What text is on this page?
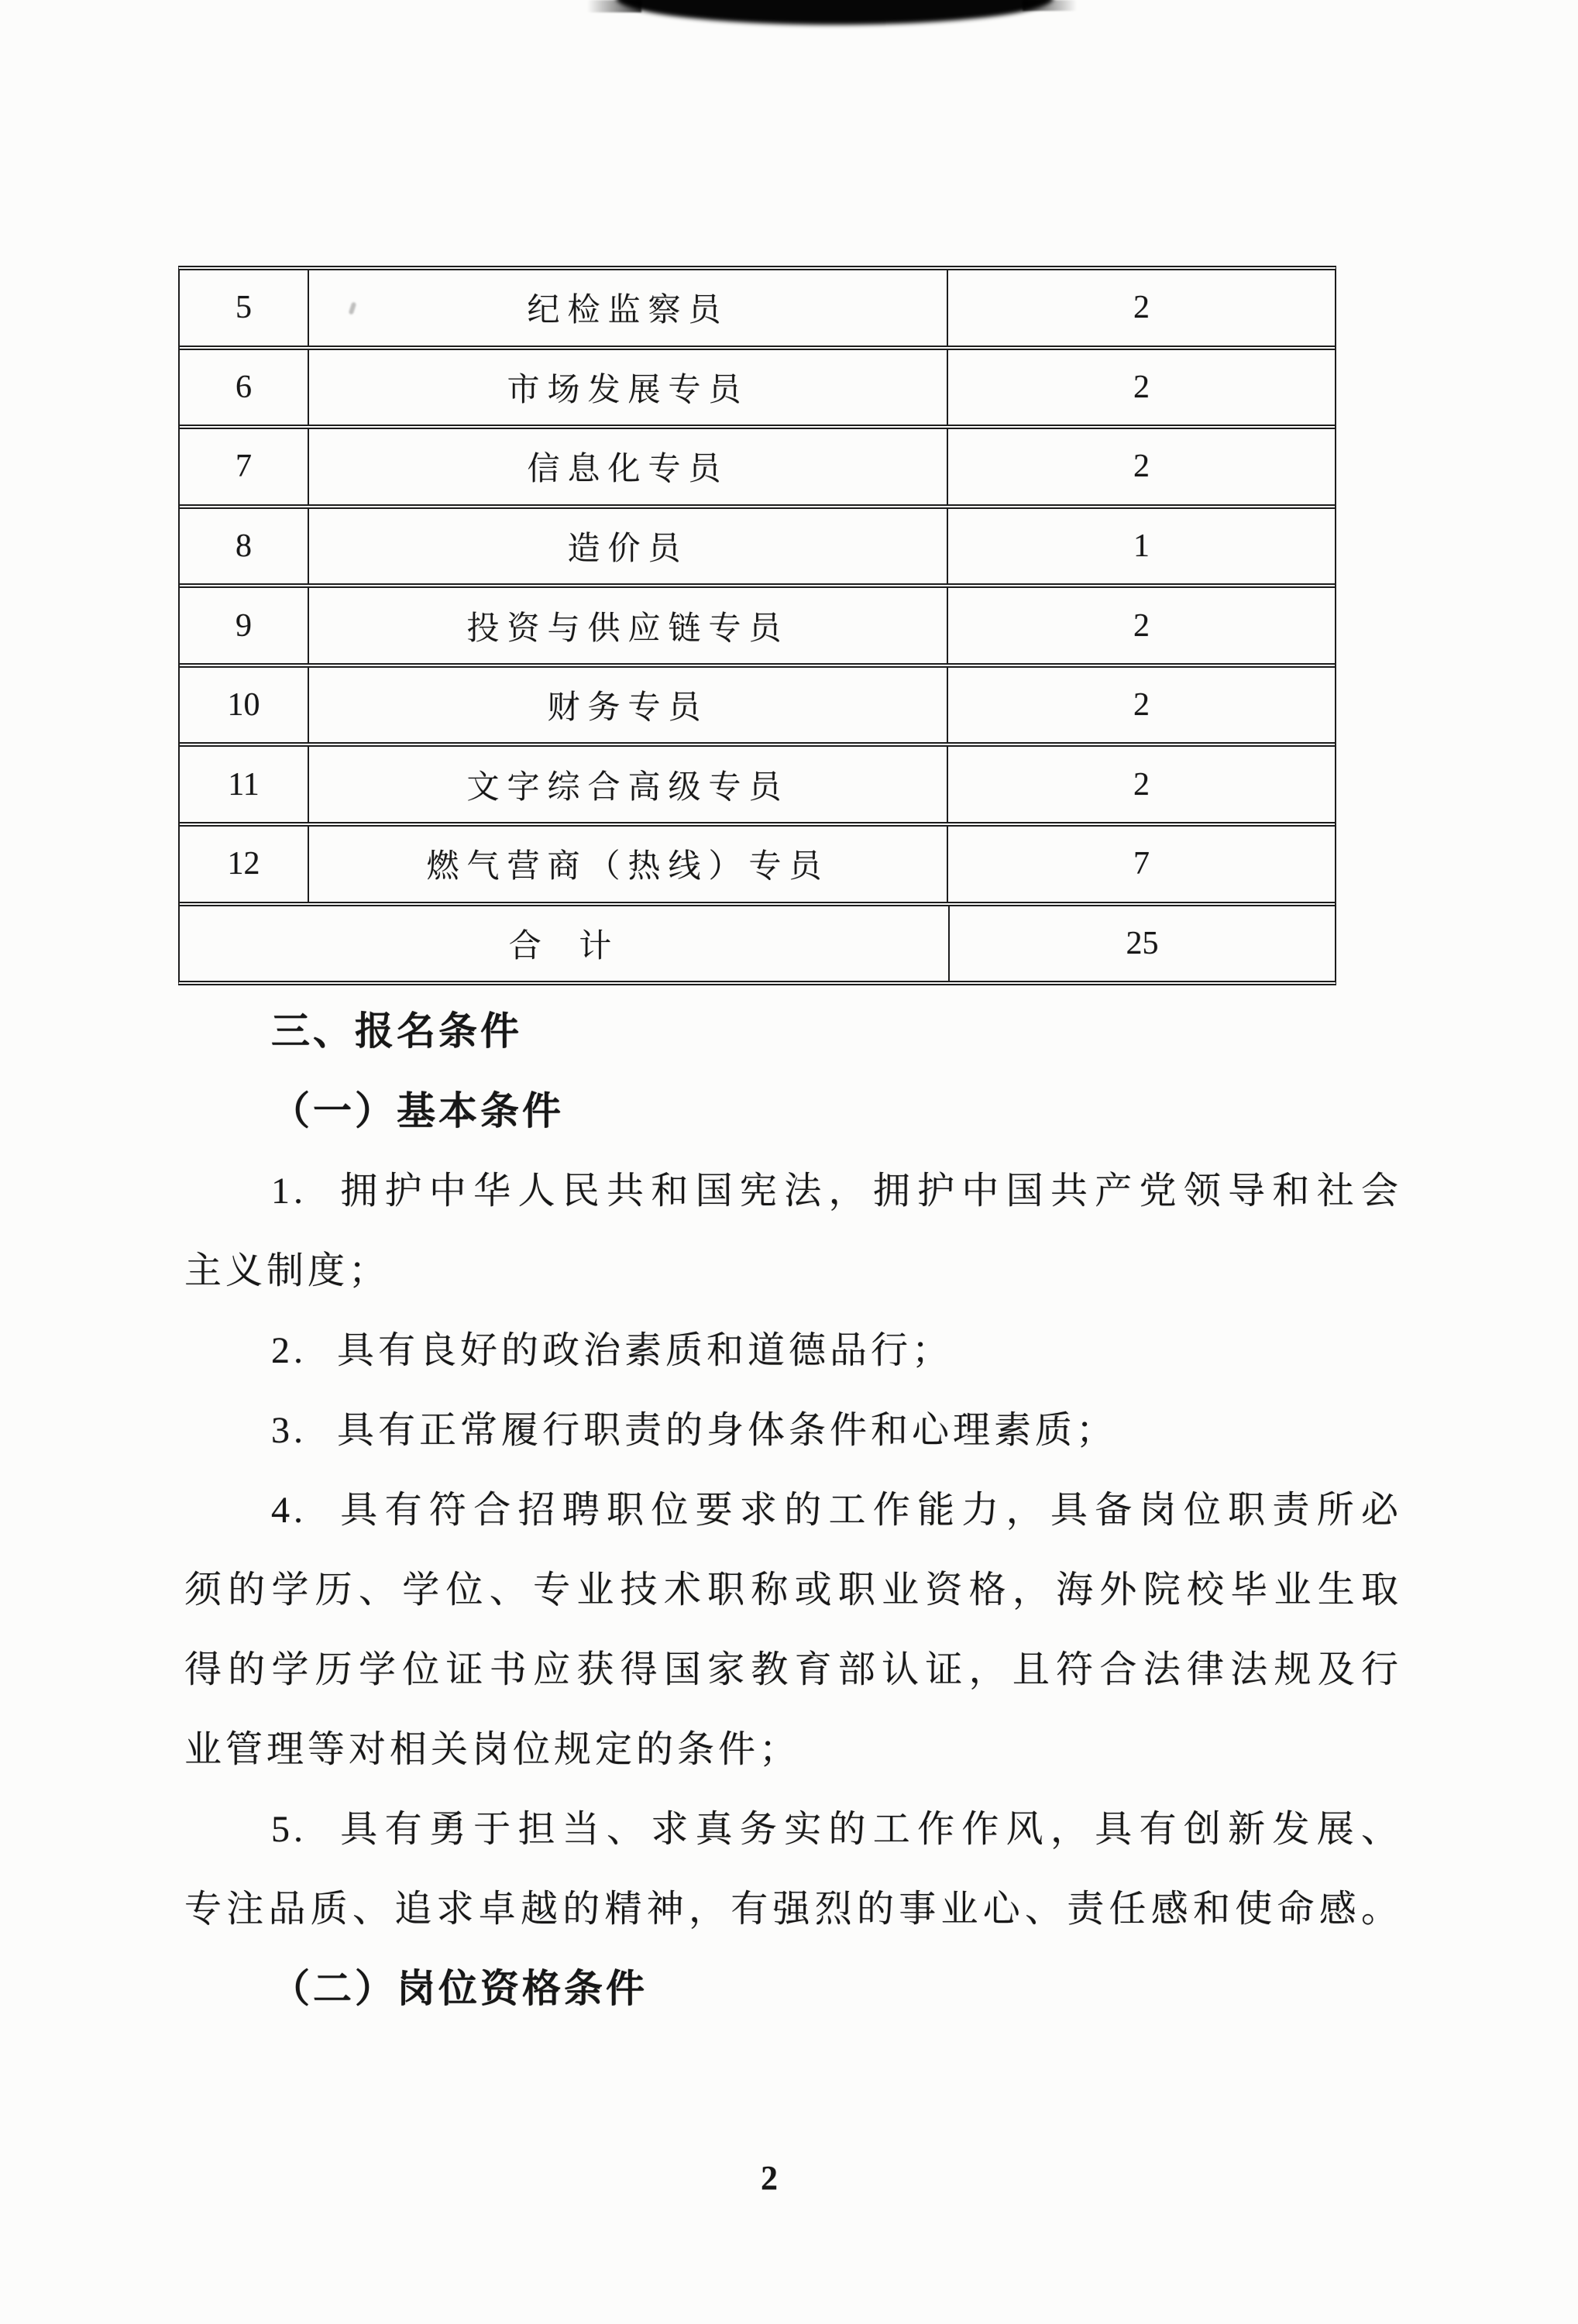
5	纪检监察员	2
6	市场发展专员	2
7	信息化专员	2
8	造价员	1
9	投资与供应链专员	2
10	财务专员	2
11	文字综合高级专员	2
12	燃气营商（热线）专员	7
合 计	25
三、报名条件
（一）基本条件
1. 拥护中华人民共和国宪法，拥护中国共产党领导和社会
主义制度；
2. 具有良好的政治素质和道德品行；
3. 具有正常履行职责的身体条件和心理素质；
4. 具有符合招聘职位要求的工作能力，具备岗位职责所必
须的学历、学位、专业技术职称或职业资格，海外院校毕业生取
得的学历学位证书应获得国家教育部认证，且符合法律法规及行
业管理等对相关岗位规定的条件；
5. 具有勇于担当、求真务实的工作作风，具有创新发展、
专注品质、追求卓越的精神，有强烈的事业心、责任感和使命感。
（二）岗位资格条件
2
